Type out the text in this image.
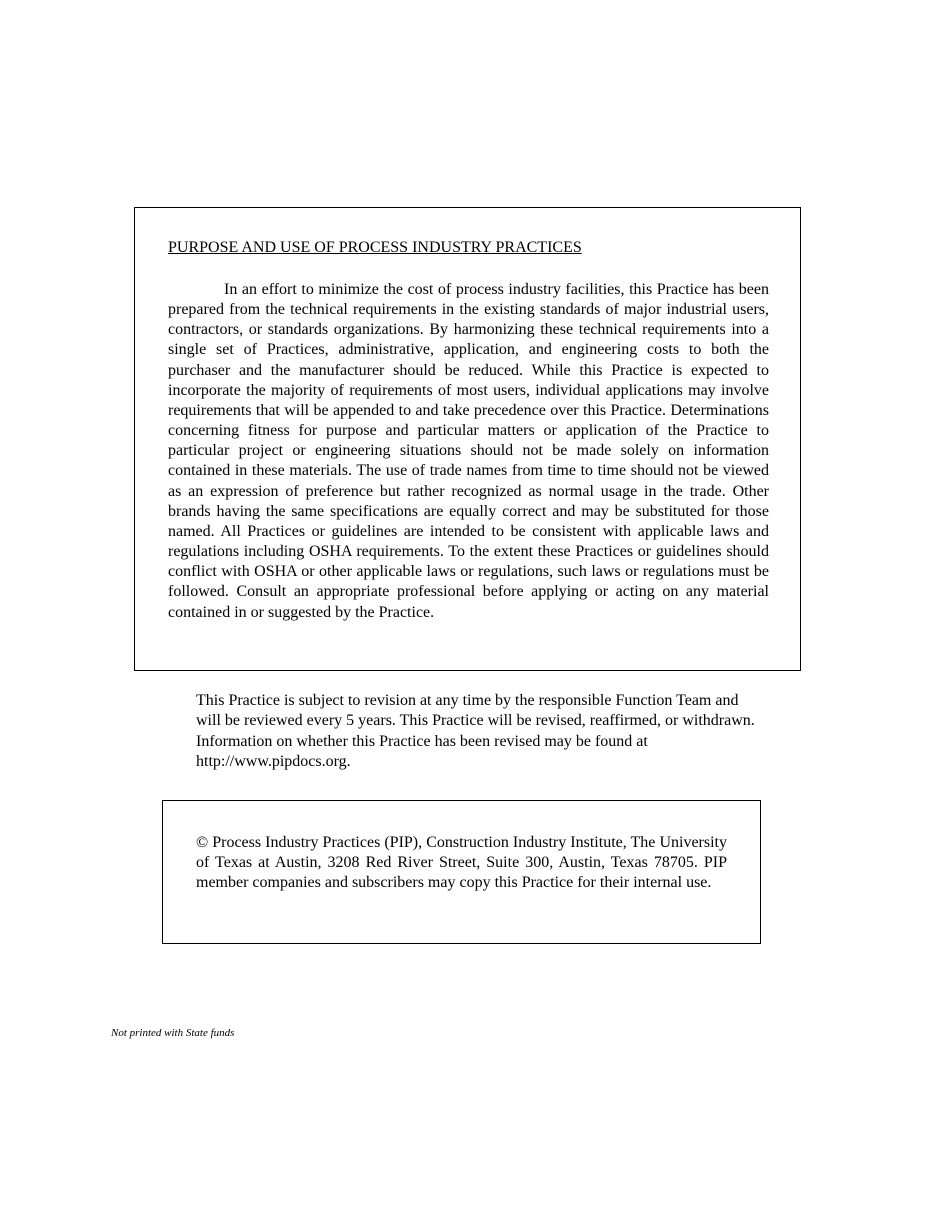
PURPOSE AND USE OF PROCESS INDUSTRY PRACTICES

In an effort to minimize the cost of process industry facilities, this Practice has been prepared from the technical requirements in the existing standards of major industrial users, contractors, or standards organizations. By harmonizing these technical requirements into a single set of Practices, administrative, application, and engineering costs to both the purchaser and the manufacturer should be reduced. While this Practice is expected to incorporate the majority of requirements of most users, individual applications may involve requirements that will be appended to and take precedence over this Practice. Determinations concerning fitness for purpose and particular matters or application of the Practice to particular project or engineering situations should not be made solely on information contained in these materials. The use of trade names from time to time should not be viewed as an expression of preference but rather recognized as normal usage in the trade. Other brands having the same specifications are equally correct and may be substituted for those named. All Practices or guidelines are intended to be consistent with applicable laws and regulations including OSHA requirements. To the extent these Practices or guidelines should conflict with OSHA or other applicable laws or regulations, such laws or regulations must be followed. Consult an appropriate professional before applying or acting on any material contained in or suggested by the Practice.

This Practice is subject to revision at any time by the responsible Function Team and will be reviewed every 5 years. This Practice will be revised, reaffirmed, or withdrawn. Information on whether this Practice has been revised may be found at http://www.pipdocs.org.

© Process Industry Practices (PIP), Construction Industry Institute, The University of Texas at Austin, 3208 Red River Street, Suite 300, Austin, Texas 78705. PIP member companies and subscribers may copy this Practice for their internal use.

Not printed with State funds
